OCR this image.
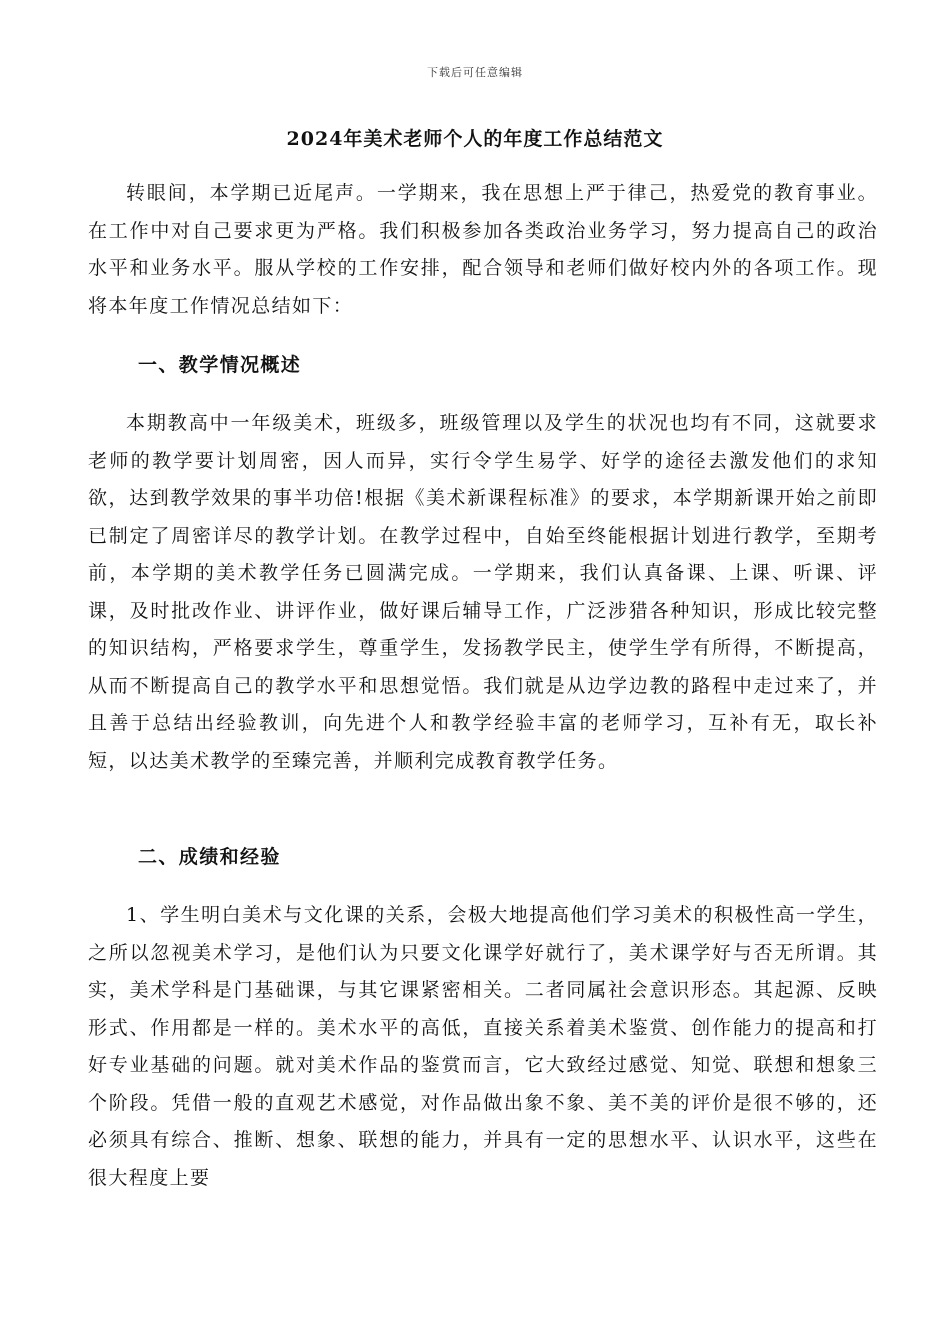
下载后可任意编辑
2024年美术老师个人的年度工作总结范文

转眼间，本学期已近尾声。一学期来，我在思想上严于律己，热爱党的教育事业。在工作中对自己要求更为严格。我们积极参加各类政治业务学习，努力提高自己的政治水平和业务水平。服从学校的工作安排，配合领导和老师们做好校内外的各项工作。现将本年度工作情况总结如下：

一、教学情况概述

本期教高中一年级美术，班级多，班级管理以及学生的状况也均有不同，这就要求老师的教学要计划周密，因人而异，实行令学生易学、好学的途径去激发他们的求知欲，达到教学效果的事半功倍!根据《美术新课程标准》的要求，本学期新课开始之前即已制定了周密详尽的教学计划。在教学过程中，自始至终能根据计划进行教学，至期考前，本学期的美术教学任务已圆满完成。一学期来，我们认真备课、上课、听课、评课，及时批改作业、讲评作业，做好课后辅导工作，广泛涉猎各种知识，形成比较完整的知识结构，严格要求学生，尊重学生，发扬教学民主，使学生学有所得，不断提高，从而不断提高自己的教学水平和思想觉悟。我们就是从边学边教的路程中走过来了，并且善于总结出经验教训，向先进个人和教学经验丰富的老师学习，互补有无，取长补短，以达美术教学的至臻完善，并顺利完成教育教学任务。

二、成绩和经验

1、学生明白美术与文化课的关系，会极大地提高他们学习美术的积极性高一学生，之所以忽视美术学习，是他们认为只要文化课学好就行了，美术课学好与否无所谓。其实，美术学科是门基础课，与其它课紧密相关。二者同属社会意识形态。其起源、反映形式、作用都是一样的。美术水平的高低，直接关系着美术鉴赏、创作能力的提高和打好专业基础的问题。就对美术作品的鉴赏而言，它大致经过感觉、知觉、联想和想象三个阶段。凭借一般的直观艺术感觉，对作品做出象不象、美不美的评价是很不够的，还必须具有综合、推断、想象、联想的能力，并具有一定的思想水平、认识水平，这些在很大程度上要
